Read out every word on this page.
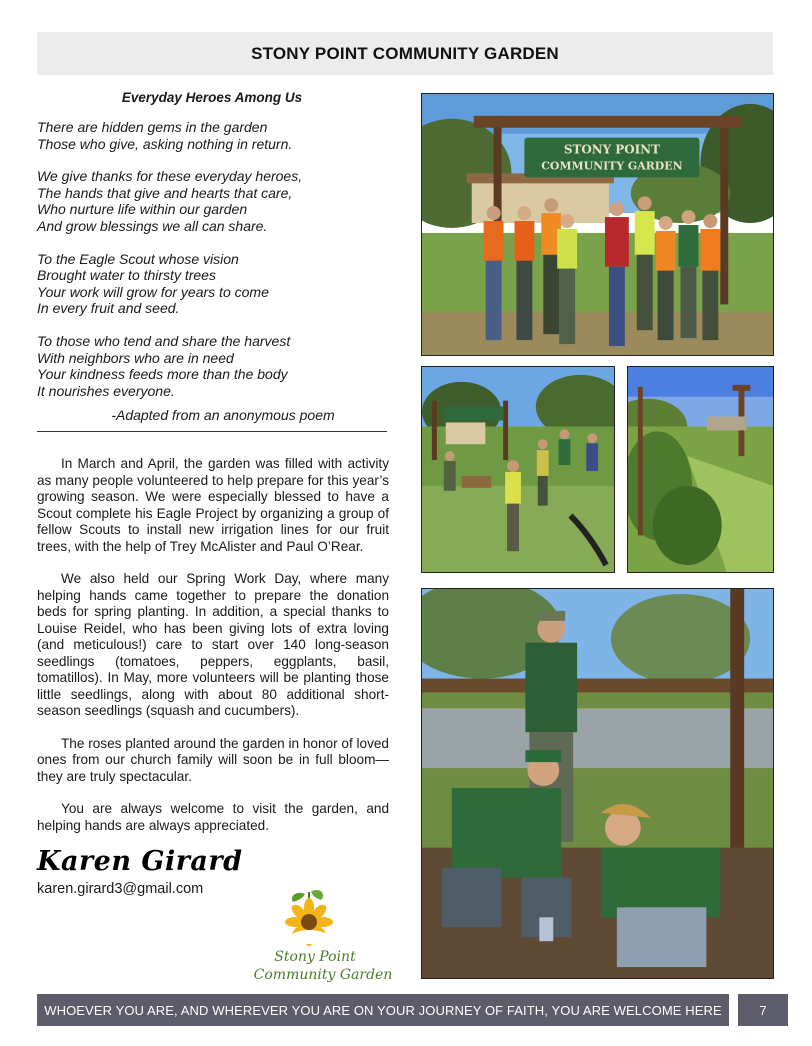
STONY POINT COMMUNITY GARDEN
Everyday Heroes Among Us
There are hidden gems in the garden
Those who give, asking nothing in return.
We give thanks for these everyday heroes,
The hands that give and hearts that care,
Who nurture life within our garden
And grow blessings we all can share.
To the Eagle Scout whose vision
Brought water to thirsty trees
Your work will grow for years to come
In every fruit and seed.
To those who tend and share the harvest
With neighbors who are in need
Your kindness feeds more than the body
It nourishes everyone.
-Adapted from an anonymous poem

In March and April, the garden was filled with activity as many people volunteered to help prepare for this year’s growing season. We were especially blessed to have a Scout complete his Eagle Project by organizing a group of fellow Scouts to install new irrigation lines for our fruit trees, with the help of Trey McAlister and Paul O’Rear.

We also held our Spring Work Day, where many helping hands came together to prepare the donation beds for spring planting. In addition, a special thanks to Louise Reidel, who has been giving lots of extra loving (and meticulous!) care to start over 140 long-season seedlings (tomatoes, peppers, eggplants, basil, tomatillos). In May, more volunteers will be planting those little seedlings, along with about 80 additional short-season seedlings (squash and cucumbers).

The roses planted around the garden in honor of loved ones from our church family will soon be in full bloom—they are truly spectacular.

You are always welcome to visit the garden, and helping hands are always appreciated.

Karen Girard
karen.girard3@gmail.com
Stony Point
Community Garden
STONY POINT
COMMUNITY GARDEN
WHOEVER YOU ARE, AND WHEREVER YOU ARE ON YOUR JOURNEY OF FAITH, YOU ARE WELCOME HERE	7
